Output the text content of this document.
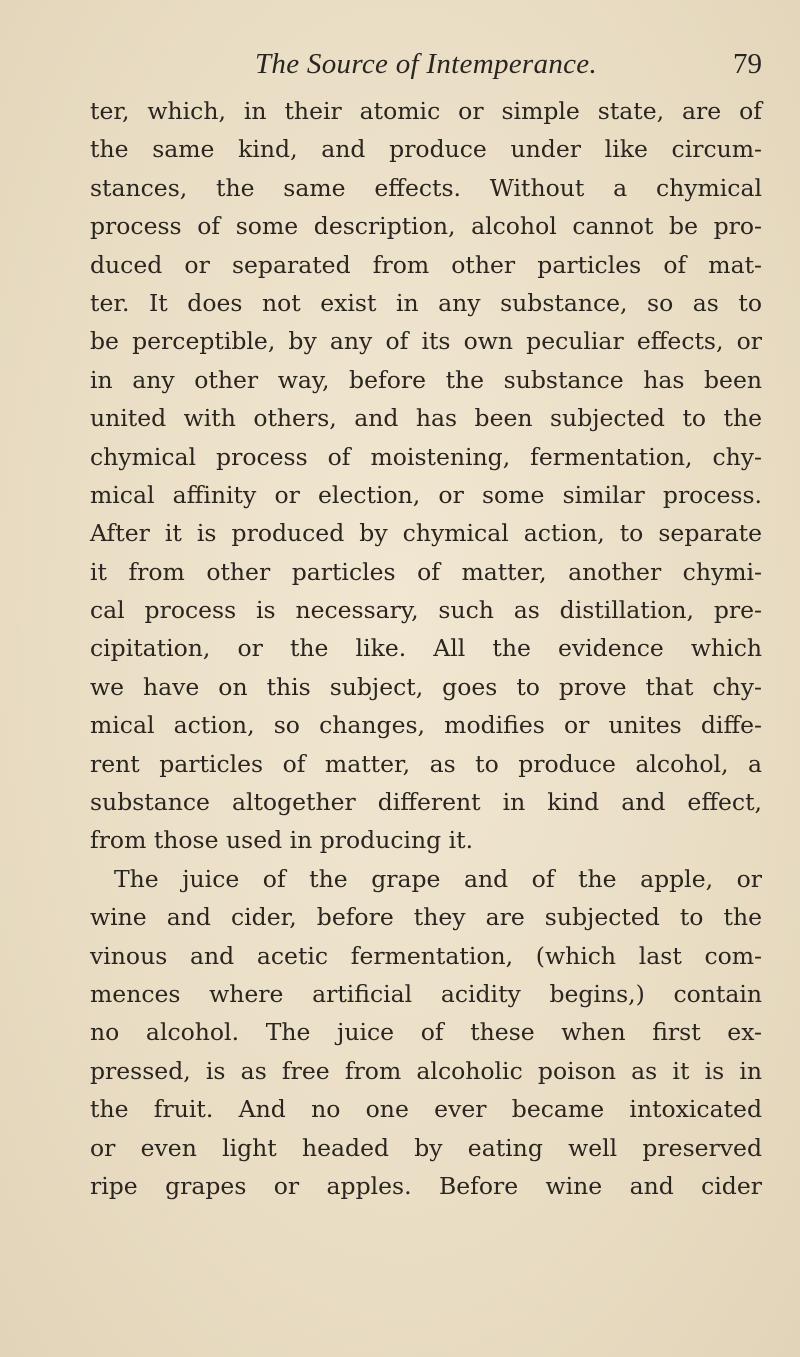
The Source of Intemperance.	79
ter, which, in their atomic or simple state, are of
the same kind, and produce under like circum-
stances, the same effects. Without a chymical
process of some description, alcohol cannot be pro-
duced or separated from other particles of mat-
ter. It does not exist in any substance, so as to
be perceptible, by any of its own peculiar effects, or
in any other way, before the substance has been
united with others, and has been subjected to the
chymical process of moistening, fermentation, chy-
mical affinity or election, or some similar process.
After it is produced by chymical action, to separate
it from other particles of matter, another chymi-
cal process is necessary, such as distillation, pre-
cipitation, or the like. All the evidence which
we have on this subject, goes to prove that chy-
mical action, so changes, modifies or unites diffe-
rent particles of matter, as to produce alcohol, a
substance altogether different in kind and effect,
from those used in producing it.
The juice of the grape and of the apple, or
wine and cider, before they are subjected to the
vinous and acetic fermentation, (which last com-
mences where artificial acidity begins,) contain
no alcohol. The juice of these when first ex-
pressed, is as free from alcoholic poison as it is in
the fruit. And no one ever became intoxicated
or even light headed by eating well preserved
ripe grapes or apples. Before wine and cider
